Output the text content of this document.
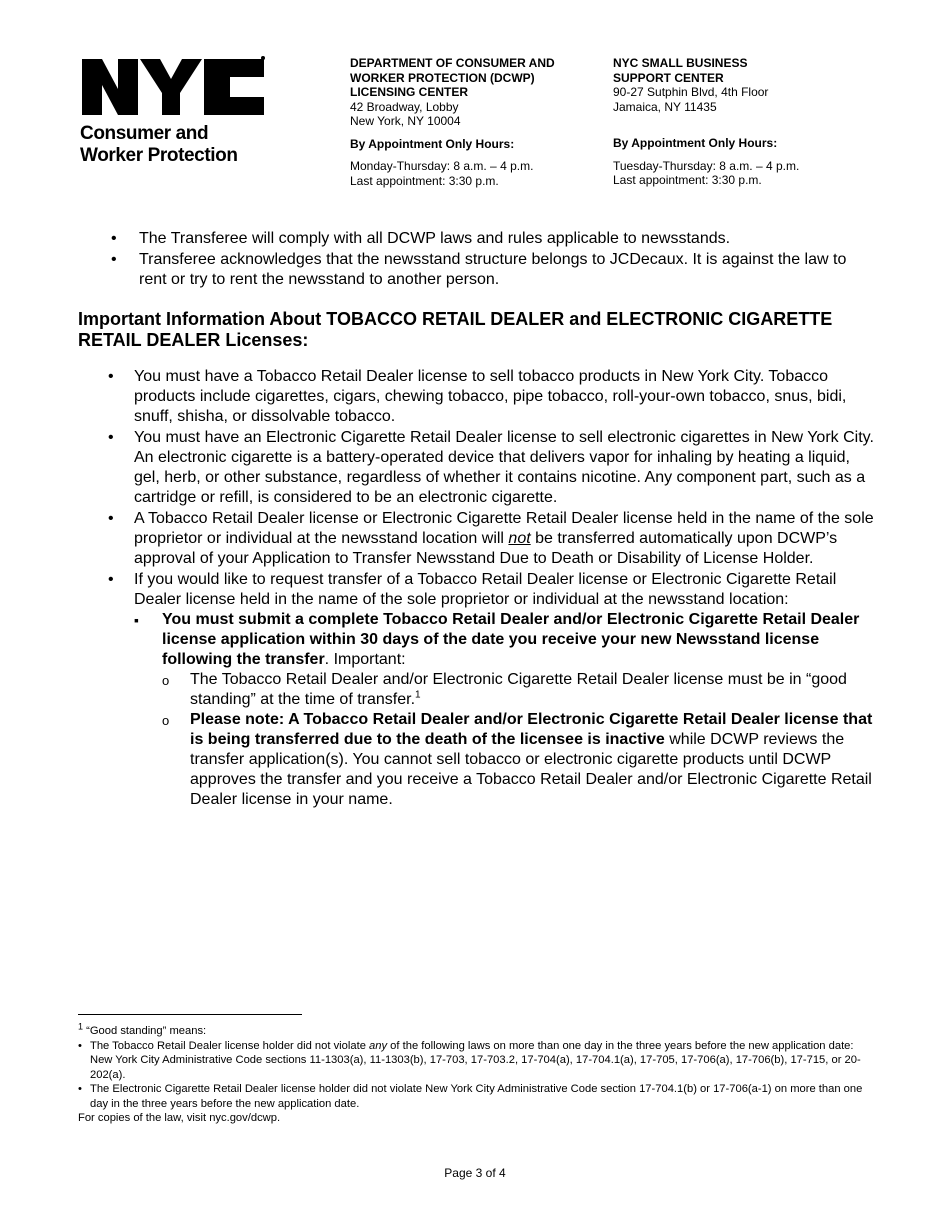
Consumer and
Worker Protection
DEPARTMENT OF CONSUMER AND
WORKER PROTECTION (DCWP)
LICENSING CENTER
42 Broadway, Lobby
New York, NY 10004
By Appointment Only Hours:
Monday-Thursday: 8 a.m. – 4 p.m.
Last appointment: 3:30 p.m.
NYC SMALL BUSINESS
SUPPORT CENTER
90-27 Sutphin Blvd, 4th Floor
Jamaica, NY 11435
By Appointment Only Hours:
Tuesday-Thursday: 8 a.m. – 4 p.m.
Last appointment: 3:30 p.m.
• The Transferee will comply with all DCWP laws and rules applicable to newsstands.
• Transferee acknowledges that the newsstand structure belongs to JCDecaux. It is against the law to rent or try to rent the newsstand to another person.
Important Information About TOBACCO RETAIL DEALER and ELECTRONIC CIGARETTE RETAIL DEALER Licenses:
• You must have a Tobacco Retail Dealer license to sell tobacco products in New York City. Tobacco products include cigarettes, cigars, chewing tobacco, pipe tobacco, roll-your-own tobacco, snus, bidi, snuff, shisha, or dissolvable tobacco.
• You must have an Electronic Cigarette Retail Dealer license to sell electronic cigarettes in New York City. An electronic cigarette is a battery-operated device that delivers vapor for inhaling by heating a liquid, gel, herb, or other substance, regardless of whether it contains nicotine. Any component part, such as a cartridge or refill, is considered to be an electronic cigarette.
• A Tobacco Retail Dealer license or Electronic Cigarette Retail Dealer license held in the name of the sole proprietor or individual at the newsstand location will not be transferred automatically upon DCWP’s approval of your Application to Transfer Newsstand Due to Death or Disability of License Holder.
• If you would like to request transfer of a Tobacco Retail Dealer license or Electronic Cigarette Retail Dealer license held in the name of the sole proprietor or individual at the newsstand location:
▪ You must submit a complete Tobacco Retail Dealer and/or Electronic Cigarette Retail Dealer license application within 30 days of the date you receive your new Newsstand license following the transfer. Important:
o The Tobacco Retail Dealer and/or Electronic Cigarette Retail Dealer license must be in “good standing” at the time of transfer.$^1$
o Please note: A Tobacco Retail Dealer and/or Electronic Cigarette Retail Dealer license that is being transferred due to the death of the licensee is inactive while DCWP reviews the transfer application(s). You cannot sell tobacco or electronic cigarette products until DCWP approves the transfer and you receive a Tobacco Retail Dealer and/or Electronic Cigarette Retail Dealer license in your name.
$^1$ “Good standing” means:
• The Tobacco Retail Dealer license holder did not violate any of the following laws on more than one day in the three years before the new application date: New York City Administrative Code sections 11-1303(a), 11-1303(b), 17-703, 17-703.2, 17-704(a), 17-704.1(a), 17-705, 17-706(a), 17-706(b), 17-715, or 20-202(a).
• The Electronic Cigarette Retail Dealer license holder did not violate New York City Administrative Code section 17-704.1(b) or 17-706(a-1) on more than one day in the three years before the new application date.
For copies of the law, visit nyc.gov/dcwp.
Page 3 of 4
